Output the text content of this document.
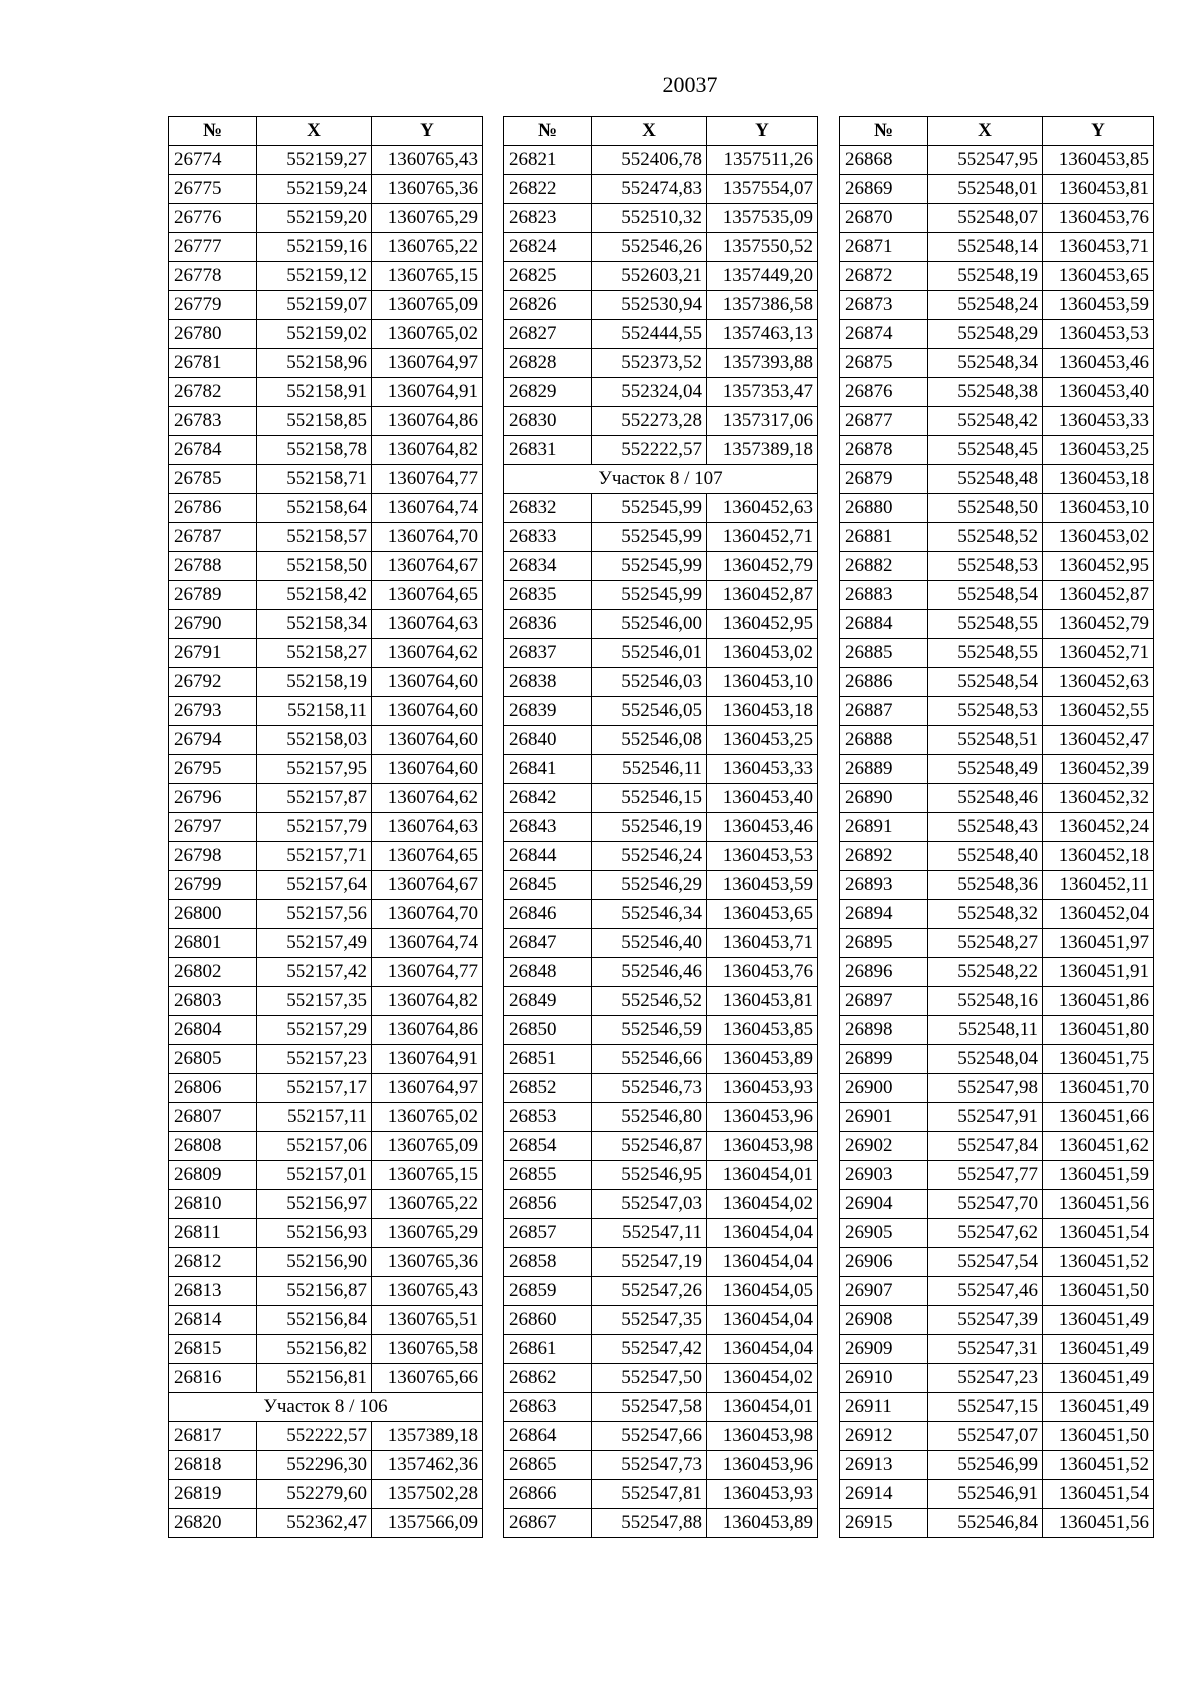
20037
№	X	Y
26774	552159,27	1360765,43
26775	552159,24	1360765,36
26776	552159,20	1360765,29
26777	552159,16	1360765,22
26778	552159,12	1360765,15
26779	552159,07	1360765,09
26780	552159,02	1360765,02
26781	552158,96	1360764,97
26782	552158,91	1360764,91
26783	552158,85	1360764,86
26784	552158,78	1360764,82
26785	552158,71	1360764,77
26786	552158,64	1360764,74
26787	552158,57	1360764,70
26788	552158,50	1360764,67
26789	552158,42	1360764,65
26790	552158,34	1360764,63
26791	552158,27	1360764,62
26792	552158,19	1360764,60
26793	552158,11	1360764,60
26794	552158,03	1360764,60
26795	552157,95	1360764,60
26796	552157,87	1360764,62
26797	552157,79	1360764,63
26798	552157,71	1360764,65
26799	552157,64	1360764,67
26800	552157,56	1360764,70
26801	552157,49	1360764,74
26802	552157,42	1360764,77
26803	552157,35	1360764,82
26804	552157,29	1360764,86
26805	552157,23	1360764,91
26806	552157,17	1360764,97
26807	552157,11	1360765,02
26808	552157,06	1360765,09
26809	552157,01	1360765,15
26810	552156,97	1360765,22
26811	552156,93	1360765,29
26812	552156,90	1360765,36
26813	552156,87	1360765,43
26814	552156,84	1360765,51
26815	552156,82	1360765,58
26816	552156,81	1360765,66
Участок 8 / 106		
26817	552222,57	1357389,18
26818	552296,30	1357462,36
26819	552279,60	1357502,28
26820	552362,47	1357566,09
№	X	Y
26821	552406,78	1357511,26
26822	552474,83	1357554,07
26823	552510,32	1357535,09
26824	552546,26	1357550,52
26825	552603,21	1357449,20
26826	552530,94	1357386,58
26827	552444,55	1357463,13
26828	552373,52	1357393,88
26829	552324,04	1357353,47
26830	552273,28	1357317,06
26831	552222,57	1357389,18
Участок 8 / 107		
26832	552545,99	1360452,63
26833	552545,99	1360452,71
26834	552545,99	1360452,79
26835	552545,99	1360452,87
26836	552546,00	1360452,95
26837	552546,01	1360453,02
26838	552546,03	1360453,10
26839	552546,05	1360453,18
26840	552546,08	1360453,25
26841	552546,11	1360453,33
26842	552546,15	1360453,40
26843	552546,19	1360453,46
26844	552546,24	1360453,53
26845	552546,29	1360453,59
26846	552546,34	1360453,65
26847	552546,40	1360453,71
26848	552546,46	1360453,76
26849	552546,52	1360453,81
26850	552546,59	1360453,85
26851	552546,66	1360453,89
26852	552546,73	1360453,93
26853	552546,80	1360453,96
26854	552546,87	1360453,98
26855	552546,95	1360454,01
26856	552547,03	1360454,02
26857	552547,11	1360454,04
26858	552547,19	1360454,04
26859	552547,26	1360454,05
26860	552547,35	1360454,04
26861	552547,42	1360454,04
26862	552547,50	1360454,02
26863	552547,58	1360454,01
26864	552547,66	1360453,98
26865	552547,73	1360453,96
26866	552547,81	1360453,93
26867	552547,88	1360453,89
№	X	Y
26868	552547,95	1360453,85
26869	552548,01	1360453,81
26870	552548,07	1360453,76
26871	552548,14	1360453,71
26872	552548,19	1360453,65
26873	552548,24	1360453,59
26874	552548,29	1360453,53
26875	552548,34	1360453,46
26876	552548,38	1360453,40
26877	552548,42	1360453,33
26878	552548,45	1360453,25
26879	552548,48	1360453,18
26880	552548,50	1360453,10
26881	552548,52	1360453,02
26882	552548,53	1360452,95
26883	552548,54	1360452,87
26884	552548,55	1360452,79
26885	552548,55	1360452,71
26886	552548,54	1360452,63
26887	552548,53	1360452,55
26888	552548,51	1360452,47
26889	552548,49	1360452,39
26890	552548,46	1360452,32
26891	552548,43	1360452,24
26892	552548,40	1360452,18
26893	552548,36	1360452,11
26894	552548,32	1360452,04
26895	552548,27	1360451,97
26896	552548,22	1360451,91
26897	552548,16	1360451,86
26898	552548,11	1360451,80
26899	552548,04	1360451,75
26900	552547,98	1360451,70
26901	552547,91	1360451,66
26902	552547,84	1360451,62
26903	552547,77	1360451,59
26904	552547,70	1360451,56
26905	552547,62	1360451,54
26906	552547,54	1360451,52
26907	552547,46	1360451,50
26908	552547,39	1360451,49
26909	552547,31	1360451,49
26910	552547,23	1360451,49
26911	552547,15	1360451,49
26912	552547,07	1360451,50
26913	552546,99	1360451,52
26914	552546,91	1360451,54
26915	552546,84	1360451,56
